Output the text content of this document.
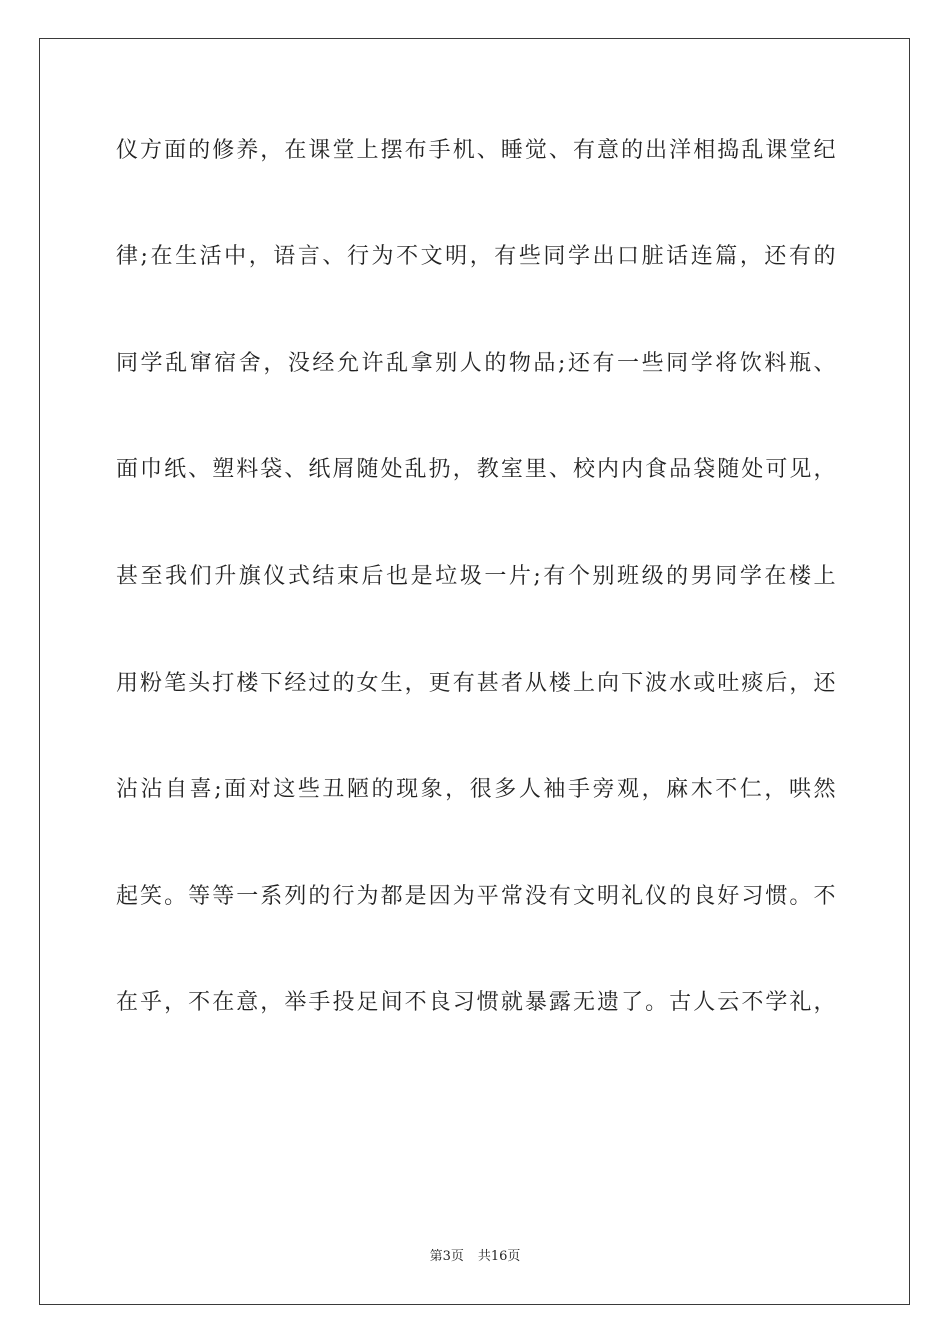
仪方面的修养，在课堂上摆布手机、睡觉、有意的出洋相捣乱课堂纪
律;在生活中，语言、行为不文明，有些同学出口脏话连篇，还有的
同学乱窜宿舍，没经允许乱拿别人的物品;还有一些同学将饮料瓶、
面巾纸、塑料袋、纸屑随处乱扔，教室里、校内内食品袋随处可见，
甚至我们升旗仪式结束后也是垃圾一片;有个别班级的男同学在楼上
用粉笔头打楼下经过的女生，更有甚者从楼上向下波水或吐痰后，还
沾沾自喜;面对这些丑陋的现象，很多人袖手旁观，麻木不仁，哄然
起笑。等等一系列的行为都是因为平常没有文明礼仪的良好习惯。不
在乎，不在意，举手投足间不良习惯就暴露无遗了。古人云不学礼，
第3页 共16页
